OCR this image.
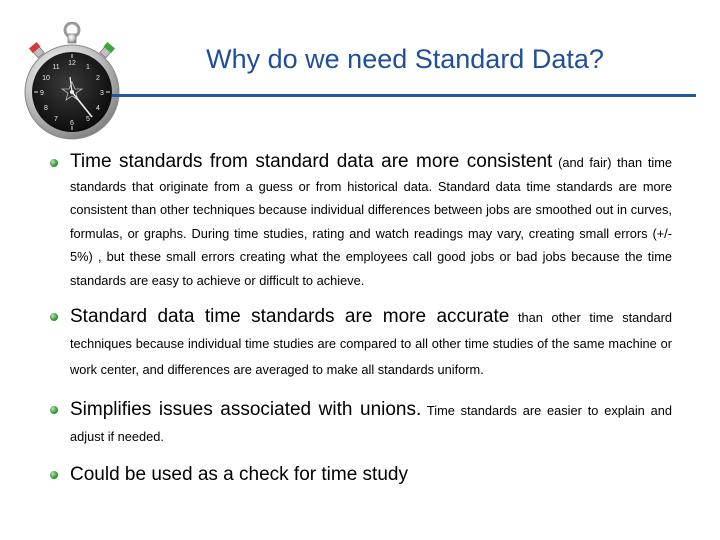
12
1
2
3
4
5
6
7
8
9
10
11	Why do we need Standard Data?

Time standards from standard data are more consistent (and fair) than time standards that originate from a guess or from historical data. Standard data time standards are more consistent than other techniques because individual differences between jobs are smoothed out in curves, formulas, or graphs. During time studies, rating and watch readings may vary, creating small errors (+/- 5%) , but these small errors creating what the employees call good jobs or bad jobs because the time standards are easy to achieve or difficult to achieve.

Standard data time standards are more accurate than other time standard techniques because individual time studies are compared to all other time studies of the same machine or work center, and differences are averaged to make all standards uniform.

Simplifies issues associated with unions. Time standards are easier to explain and adjust if needed.

Could be used as a check for time study
